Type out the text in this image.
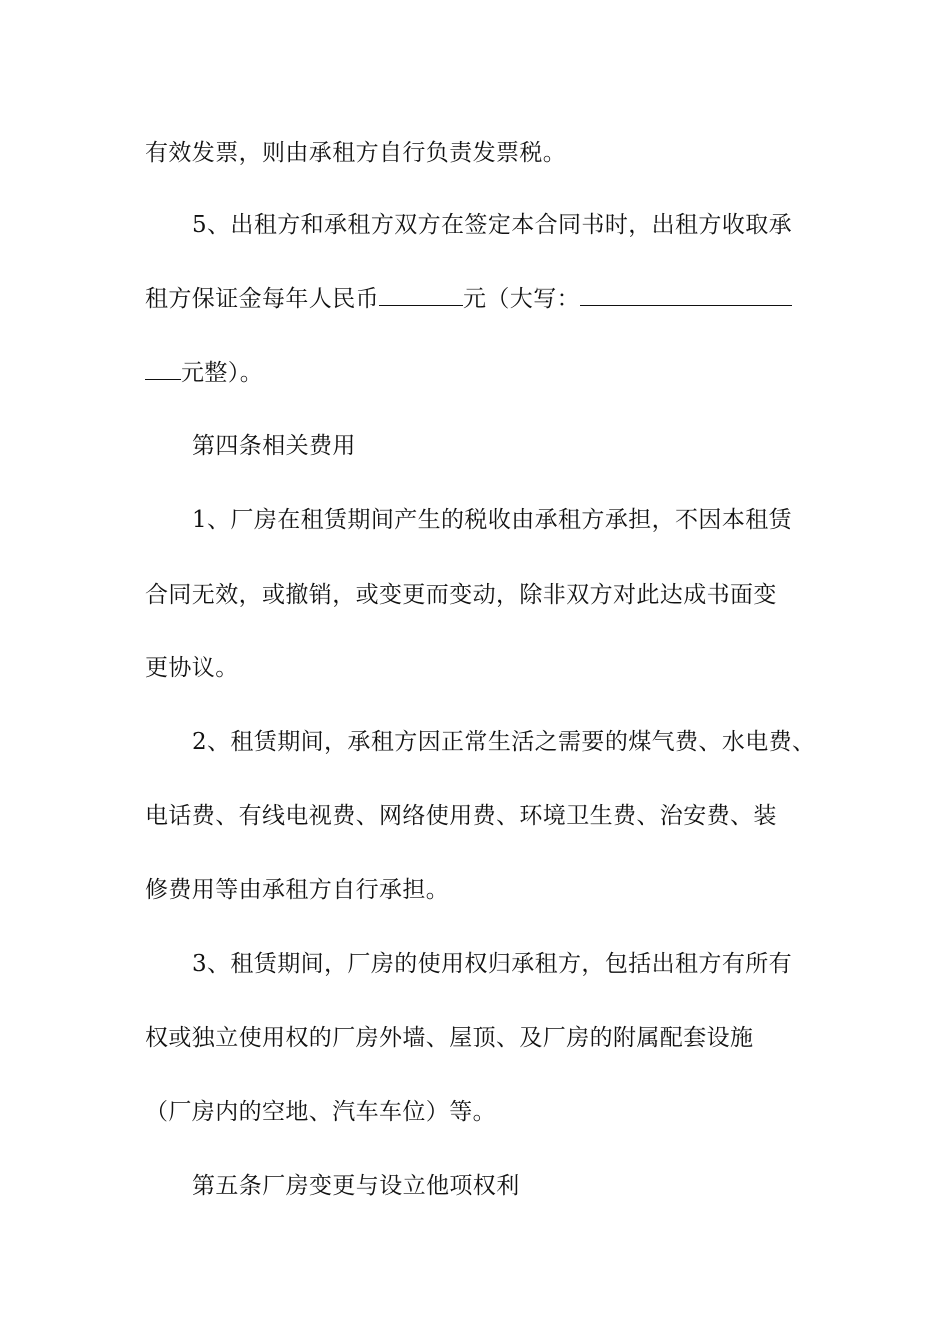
有效发票，则由承租方自行负责发票税。
5、出租方和承租方双方在签定本合同书时，出租方收取承
租方保证金每年人民币	元（大写：
元整）。
第四条相关费用
1、厂房在租赁期间产生的税收由承租方承担，不因本租赁
合同无效，或撤销，或变更而变动，除非双方对此达成书面变
更协议。
2、租赁期间，承租方因正常生活之需要的煤气费、水电费、
电话费、有线电视费、网络使用费、环境卫生费、治安费、装
修费用等由承租方自行承担。
3、租赁期间，厂房的使用权归承租方，包括出租方有所有
权或独立使用权的厂房外墙、屋顶、及厂房的附属配套设施
（厂房内的空地、汽车车位）等。
第五条厂房变更与设立他项权利
